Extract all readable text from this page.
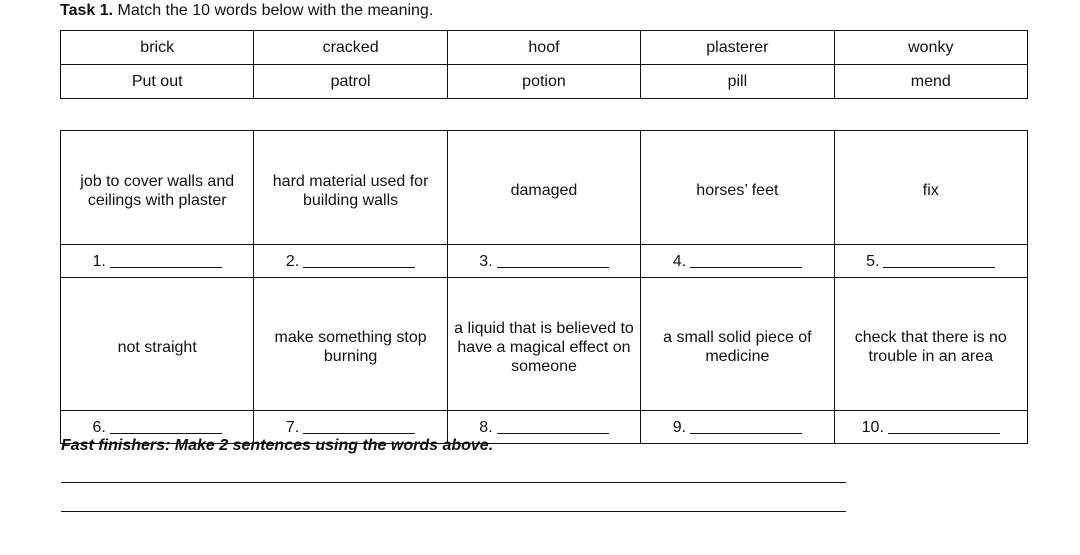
Task 1. Match the 10 words below with the meaning.
brick	cracked	hoof	plasterer	wonky
Put out	patrol	potion	pill	mend
job to cover walls and ceilings with plaster	hard material used for building walls	damaged	horses’ feet	fix
1.	2.	3.	4.	5.
not straight	make something stop burning	a liquid that is believed to have a magical effect on someone	a small solid piece of medicine	check that there is no trouble in an area
6.	7.	8.	9.	10.
Fast finishers: Make 2 sentences using the words above.
